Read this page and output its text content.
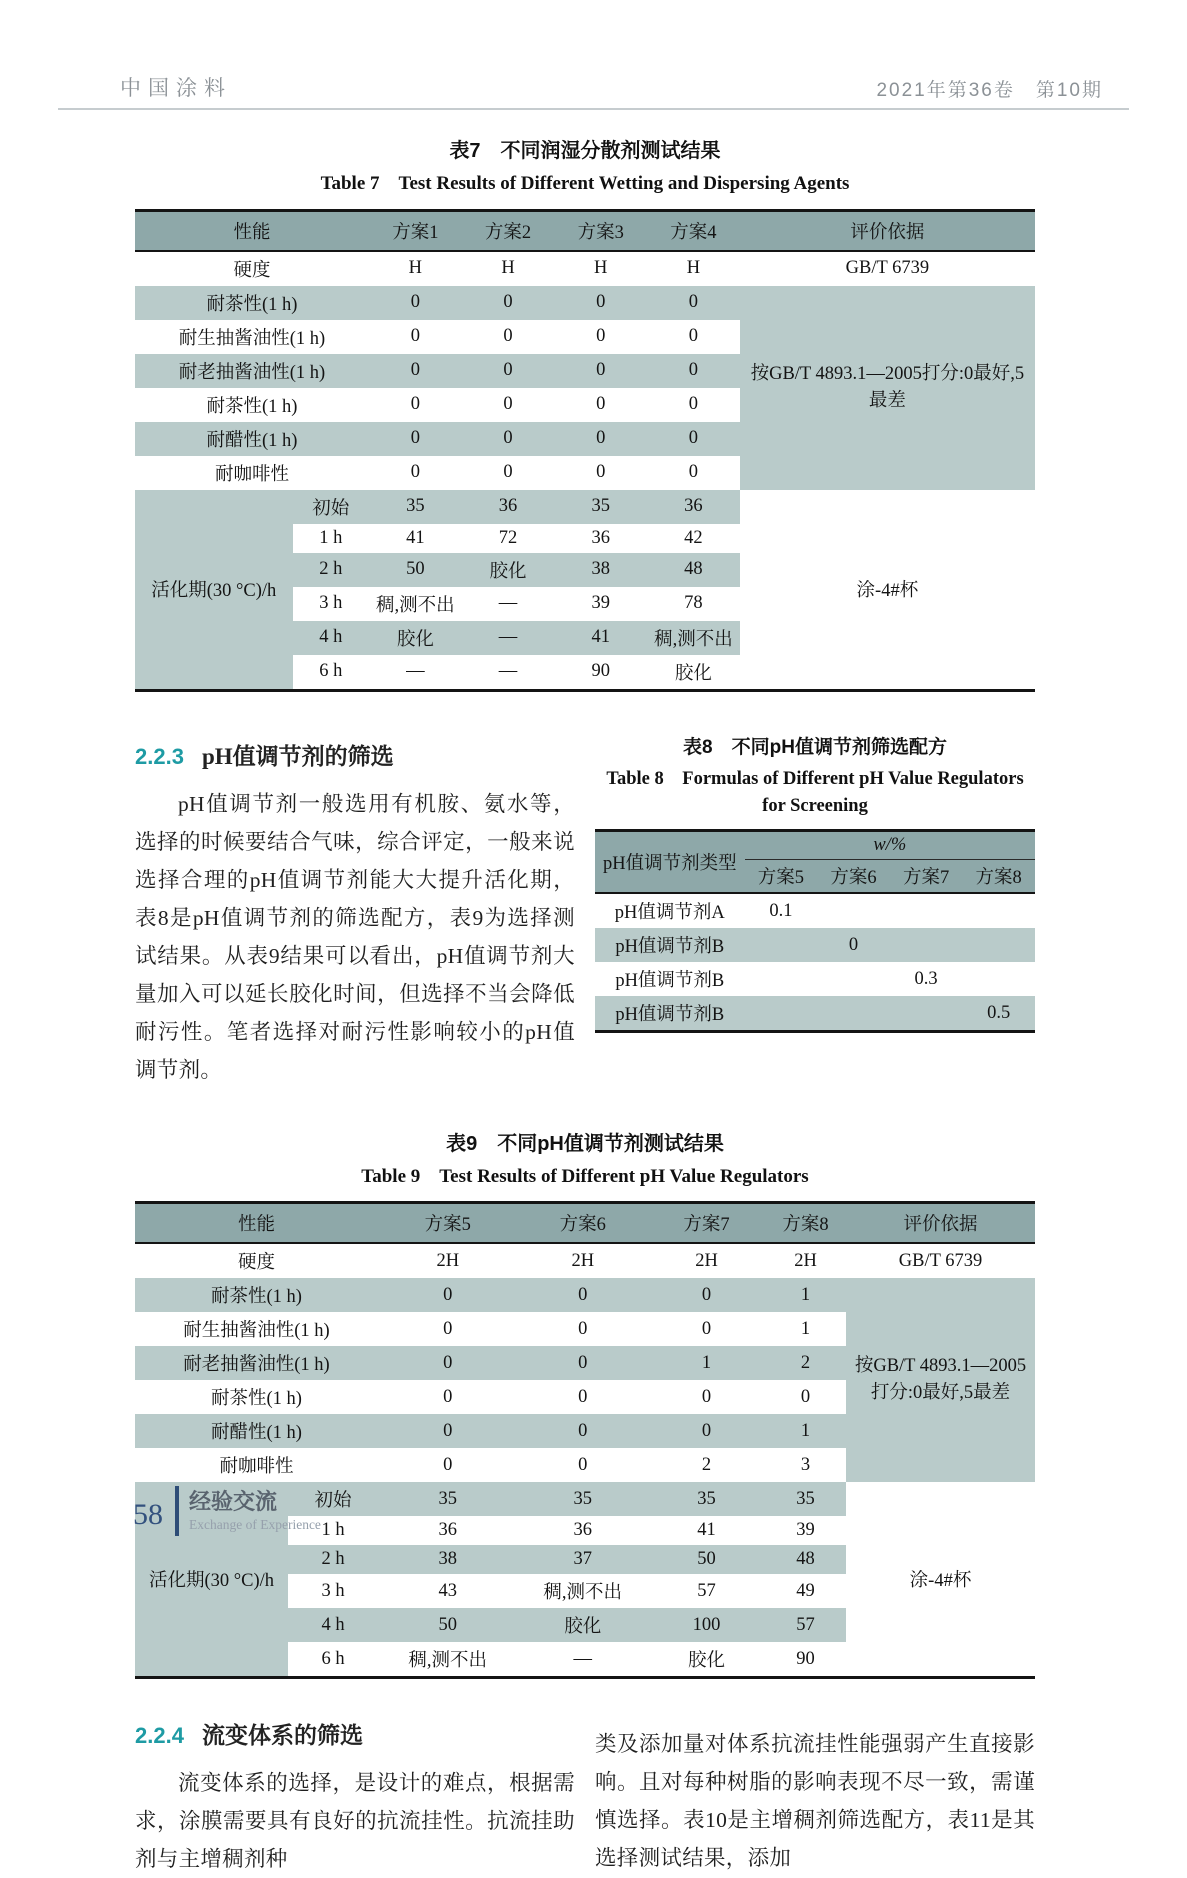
中国涂料	2021年第36卷　第10期
表7　不同润湿分散剂测试结果
Table 7　Test Results of Different Wetting and Dispersing Agents
性能		方案1	方案2	方案3	方案4	评价依据
硬度		H	H	H	H	GB/T 6739
耐茶性(1 h)		0	0	0	0	按GB/T 4893.1—2005打分:0最好,5最差
耐生抽酱油性(1 h)		0	0	0	0	
耐老抽酱油性(1 h)		0	0	0	0	
耐茶性(1 h)		0	0	0	0	
耐醋性(1 h)		0	0	0	0	
耐咖啡性		0	0	0	0	
活化期(30 °C)/h	初始	35	36	35	36	涂-4#杯
	1 h	41	72	36	42	
	2 h	50	胶化	38	48	
	3 h	稠,测不出	—	39	78	
	4 h	胶化	—	41	稠,测不出	
	6 h	—	—	90	胶化	
2.2.3 pH值调节剂的筛选

pH值调节剂一般选用有机胺、氨水等，选择的时候要结合气味，综合评定，一般来说选择合理的pH值调节剂能大大提升活化期，表8是pH值调节剂的筛选配方，表9为选择测试结果。从表9结果可以看出，pH值调节剂大量加入可以延长胶化时间，但选择不当会降低耐污性。笔者选择对耐污性影响较小的pH值调节剂。

表8　不同pH值调节剂筛选配方
Table 8　Formulas of Different pH Value Regulators for Screening
pH值调节剂类型	w/%			
	方案5	方案6	方案7	方案8
pH值调节剂A	0.1			
pH值调节剂B		0		
pH值调节剂B			0.3	
pH值调节剂B				0.5
表9　不同pH值调节剂测试结果
Table 9　Test Results of Different pH Value Regulators
性能		方案5	方案6	方案7	方案8	评价依据
硬度		2H	2H	2H	2H	GB/T 6739
耐茶性(1 h)		0	0	0	1	按GB/T 4893.1—2005打分:0最好,5最差
耐生抽酱油性(1 h)		0	0	0	1	
耐老抽酱油性(1 h)		0	0	1	2	
耐茶性(1 h)		0	0	0	0	
耐醋性(1 h)		0	0	0	1	
耐咖啡性		0	0	2	3	
活化期(30 °C)/h	初始	35	35	35	35	涂-4#杯
	1 h	36	36	41	39	
	2 h	38	37	50	48	
	3 h	43	稠,测不出	57	49	
	4 h	50	胶化	100	57	
	6 h	稠,测不出	—	胶化	90	
2.2.4 流变体系的筛选

流变体系的选择，是设计的难点，根据需求，涂膜需要具有良好的抗流挂性。抗流挂助剂与主增稠剂种

类及添加量对体系抗流挂性能强弱产生直接影响。且对每种树脂的影响表现不尽一致，需谨慎选择。表10是主增稠剂筛选配方，表11是其选择测试结果，添加

58 经验交流
Exchange of Experience
